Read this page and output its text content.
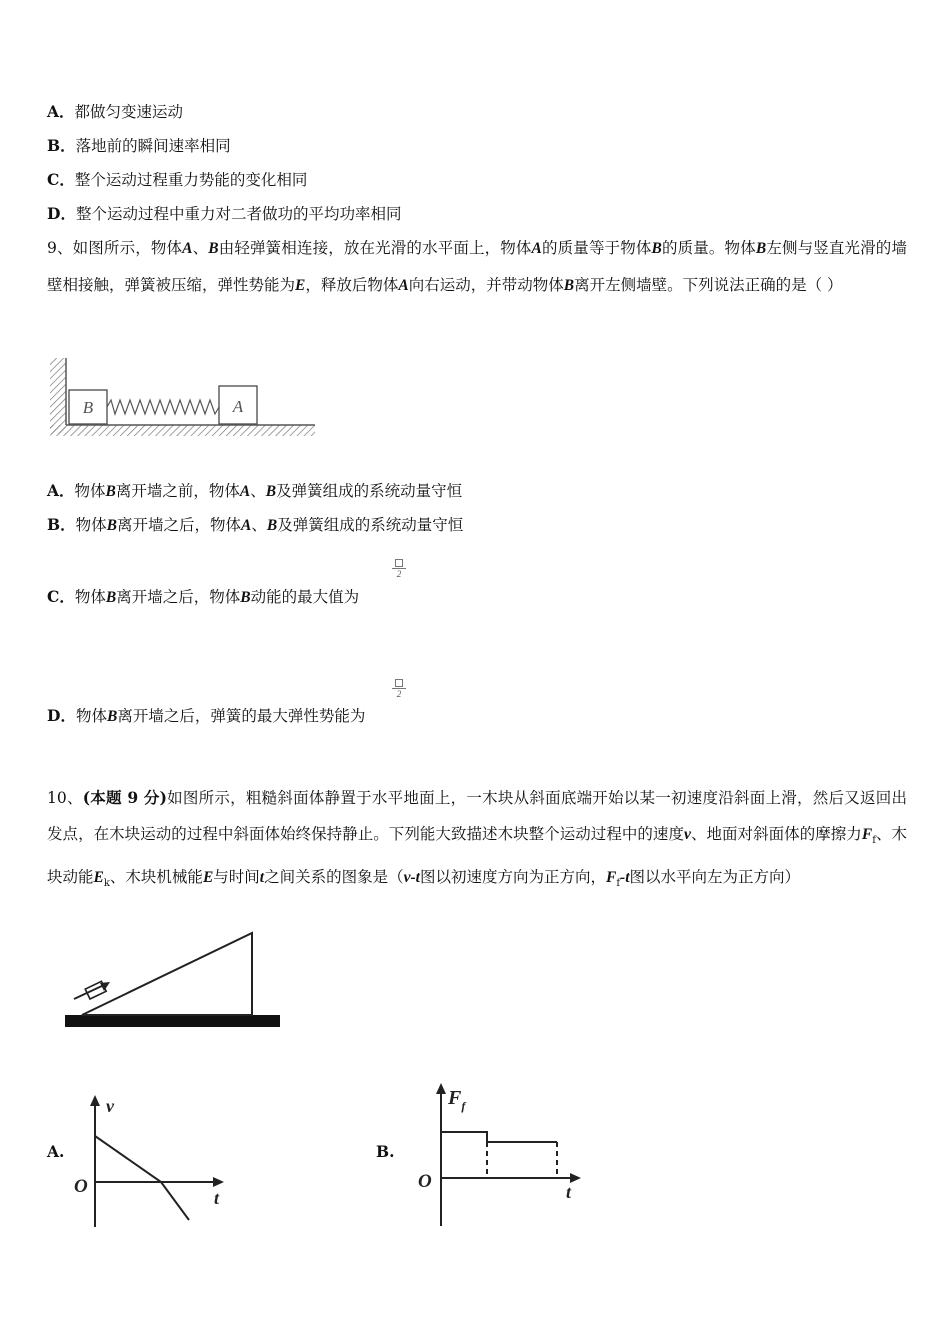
A．都做匀变速运动
B．落地前的瞬间速率相同
C．整个运动过程重力势能的变化相同
D．整个运动过程中重力对二者做功的平均功率相同
9、如图所示，物体A、B由轻弹簧相连接，放在光滑的水平面上，物体A的质量等于物体B的质量。物体B左侧与竖直光滑的墙壁相接触，弹簧被压缩，弹性势能为E，释放后物体A向右运动，并带动物体B离开左侧墙壁。下列说法正确的是（ ）
B	A
A．物体B离开墙之前，物体A、B及弹簧组成的系统动量守恒
B．物体B离开墙之后，物体A、B及弹簧组成的系统动量守恒
C．物体B离开墙之后，物体B动能的最大值为
2
D．物体B离开墙之后，弹簧的最大弹性势能为
2
10、(本题 9 分)如图所示，粗糙斜面体静置于水平地面上，一木块从斜面底端开始以某一初速度沿斜面上滑，然后又返回出发点，在木块运动的过程中斜面体始终保持静止。下列能大致描述木块整个运动过程中的速度v、地面对斜面体的摩擦力$F_f$、木块动能$E_k$、木块机械能E与时间t之间关系的图象是（v-t图以初速度方向为正方向，$F_f-t$图以水平向左为正方向）
A.
v
t
O
B.
$F_f$
t
O
